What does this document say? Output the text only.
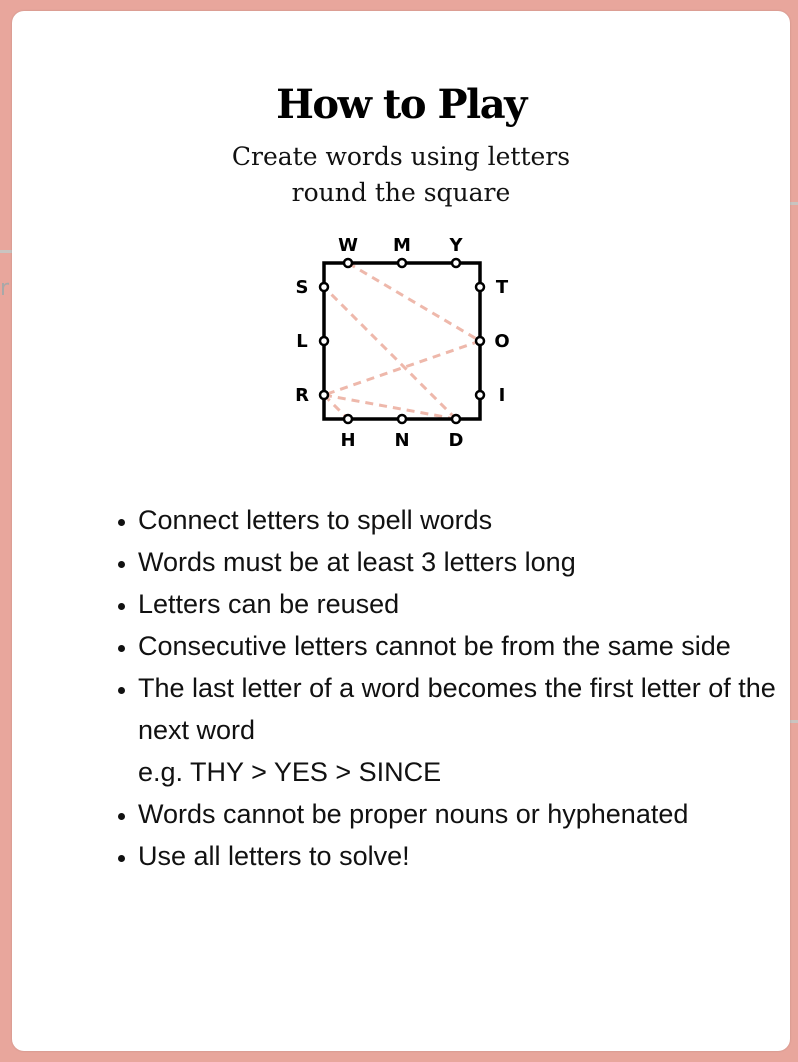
r
How to Play

Create words using letters
round the square

W M Y
H N D
S
L
R
T
O
I
• Connect letters to spell words
• Words must be at least 3 letters long
• Letters can be reused
• Consecutive letters cannot be from the same side
• The last letter of a word becomes the first letter of the next word
e.g. THY > YES > SINCE
• Words cannot be proper nouns or hyphenated
• Use all letters to solve!
